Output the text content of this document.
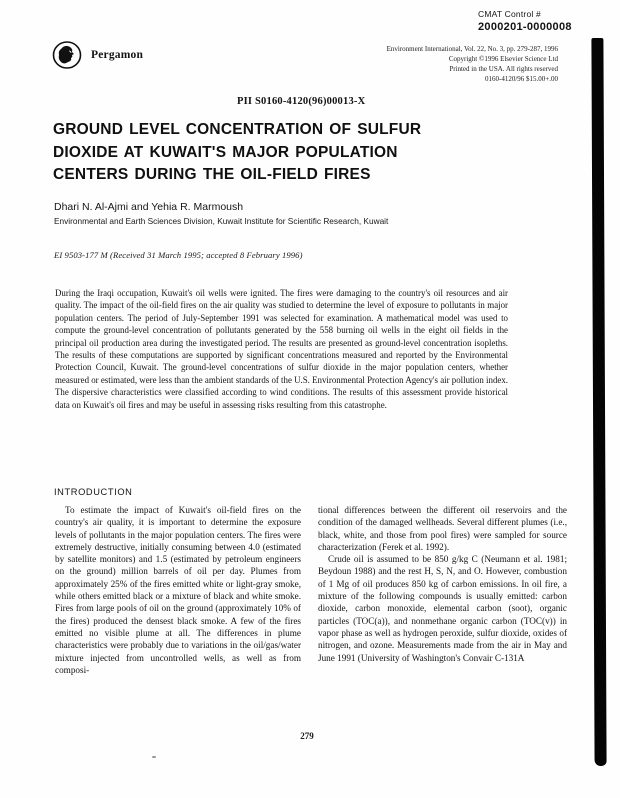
CMAT Control #
2000201-0000008
Pergamon	Environment International, Vol. 22, No. 3, pp. 279-287, 1996
Copyright ©1996 Elsevier Science Ltd
Printed in the USA. All rights reserved
0160-4120/96 $15.00+.00
PII S0160-4120(96)00013-X
GROUND LEVEL CONCENTRATION OF SULFUR
DIOXIDE AT KUWAIT'S MAJOR POPULATION
CENTERS DURING THE OIL-FIELD FIRES
Dhari N. Al-Ajmi and Yehia R. Marmoush
Environmental and Earth Sciences Division, Kuwait Institute for Scientific Research, Kuwait
EI 9503-177 M (Received 31 March 1995; accepted 8 February 1996)
During the Iraqi occupation, Kuwait's oil wells were ignited. The fires were damaging to the country's oil resources and air quality. The impact of the oil-field fires on the air quality was studied to determine the level of exposure to pollutants in major population centers. The period of July-September 1991 was selected for examination. A mathematical model was used to compute the ground-level concentration of pollutants generated by the 558 burning oil wells in the eight oil fields in the principal oil production area during the investigated period. The results are presented as ground-level concentration isopleths. The results of these computations are supported by significant concentrations measured and reported by the Environmental Protection Council, Kuwait. The ground-level concentrations of sulfur dioxide in the major population centers, whether measured or estimated, were less than the ambient standards of the U.S. Environmental Protection Agency's air pollution index. The dispersive characteristics were classified according to wind conditions. The results of this assessment provide historical data on Kuwait's oil fires and may be useful in assessing risks resulting from this catastrophe.
INTRODUCTION

To estimate the impact of Kuwait's oil-field fires on the country's air quality, it is important to determine the exposure levels of pollutants in the major population centers. The fires were extremely destructive, initially consuming between 4.0 (estimated by satellite monitors) and 1.5 (estimated by petroleum engineers on the ground) million barrels of oil per day. Plumes from approximately 25% of the fires emitted white or light-gray smoke, while others emitted black or a mixture of black and white smoke. Fires from large pools of oil on the ground (approximately 10% of the fires) produced the densest black smoke. A few of the fires emitted no visible plume at all. The differences in plume characteristics were probably due to variations in the oil/gas/water mixture injected from uncontrolled wells, as well as from composi-

tional differences between the different oil reservoirs and the condition of the damaged wellheads. Several different plumes (i.e., black, white, and those from pool fires) were sampled for source characterization (Ferek et al. 1992).

Crude oil is assumed to be 850 g/kg C (Neumann et al. 1981; Beydoun 1988) and the rest H, S, N, and O. However, combustion of 1 Mg of oil produces 850 kg of carbon emissions. In oil fire, a mixture of the following compounds is usually emitted: carbon dioxide, carbon monoxide, elemental carbon (soot), organic particles (TOC(a)), and nonmethane organic carbon (TOC(v)) in vapor phase as well as hydrogen peroxide, sulfur dioxide, oxides of nitrogen, and ozone. Measurements made from the air in May and June 1991 (University of Washington's Convair C-131A

279
